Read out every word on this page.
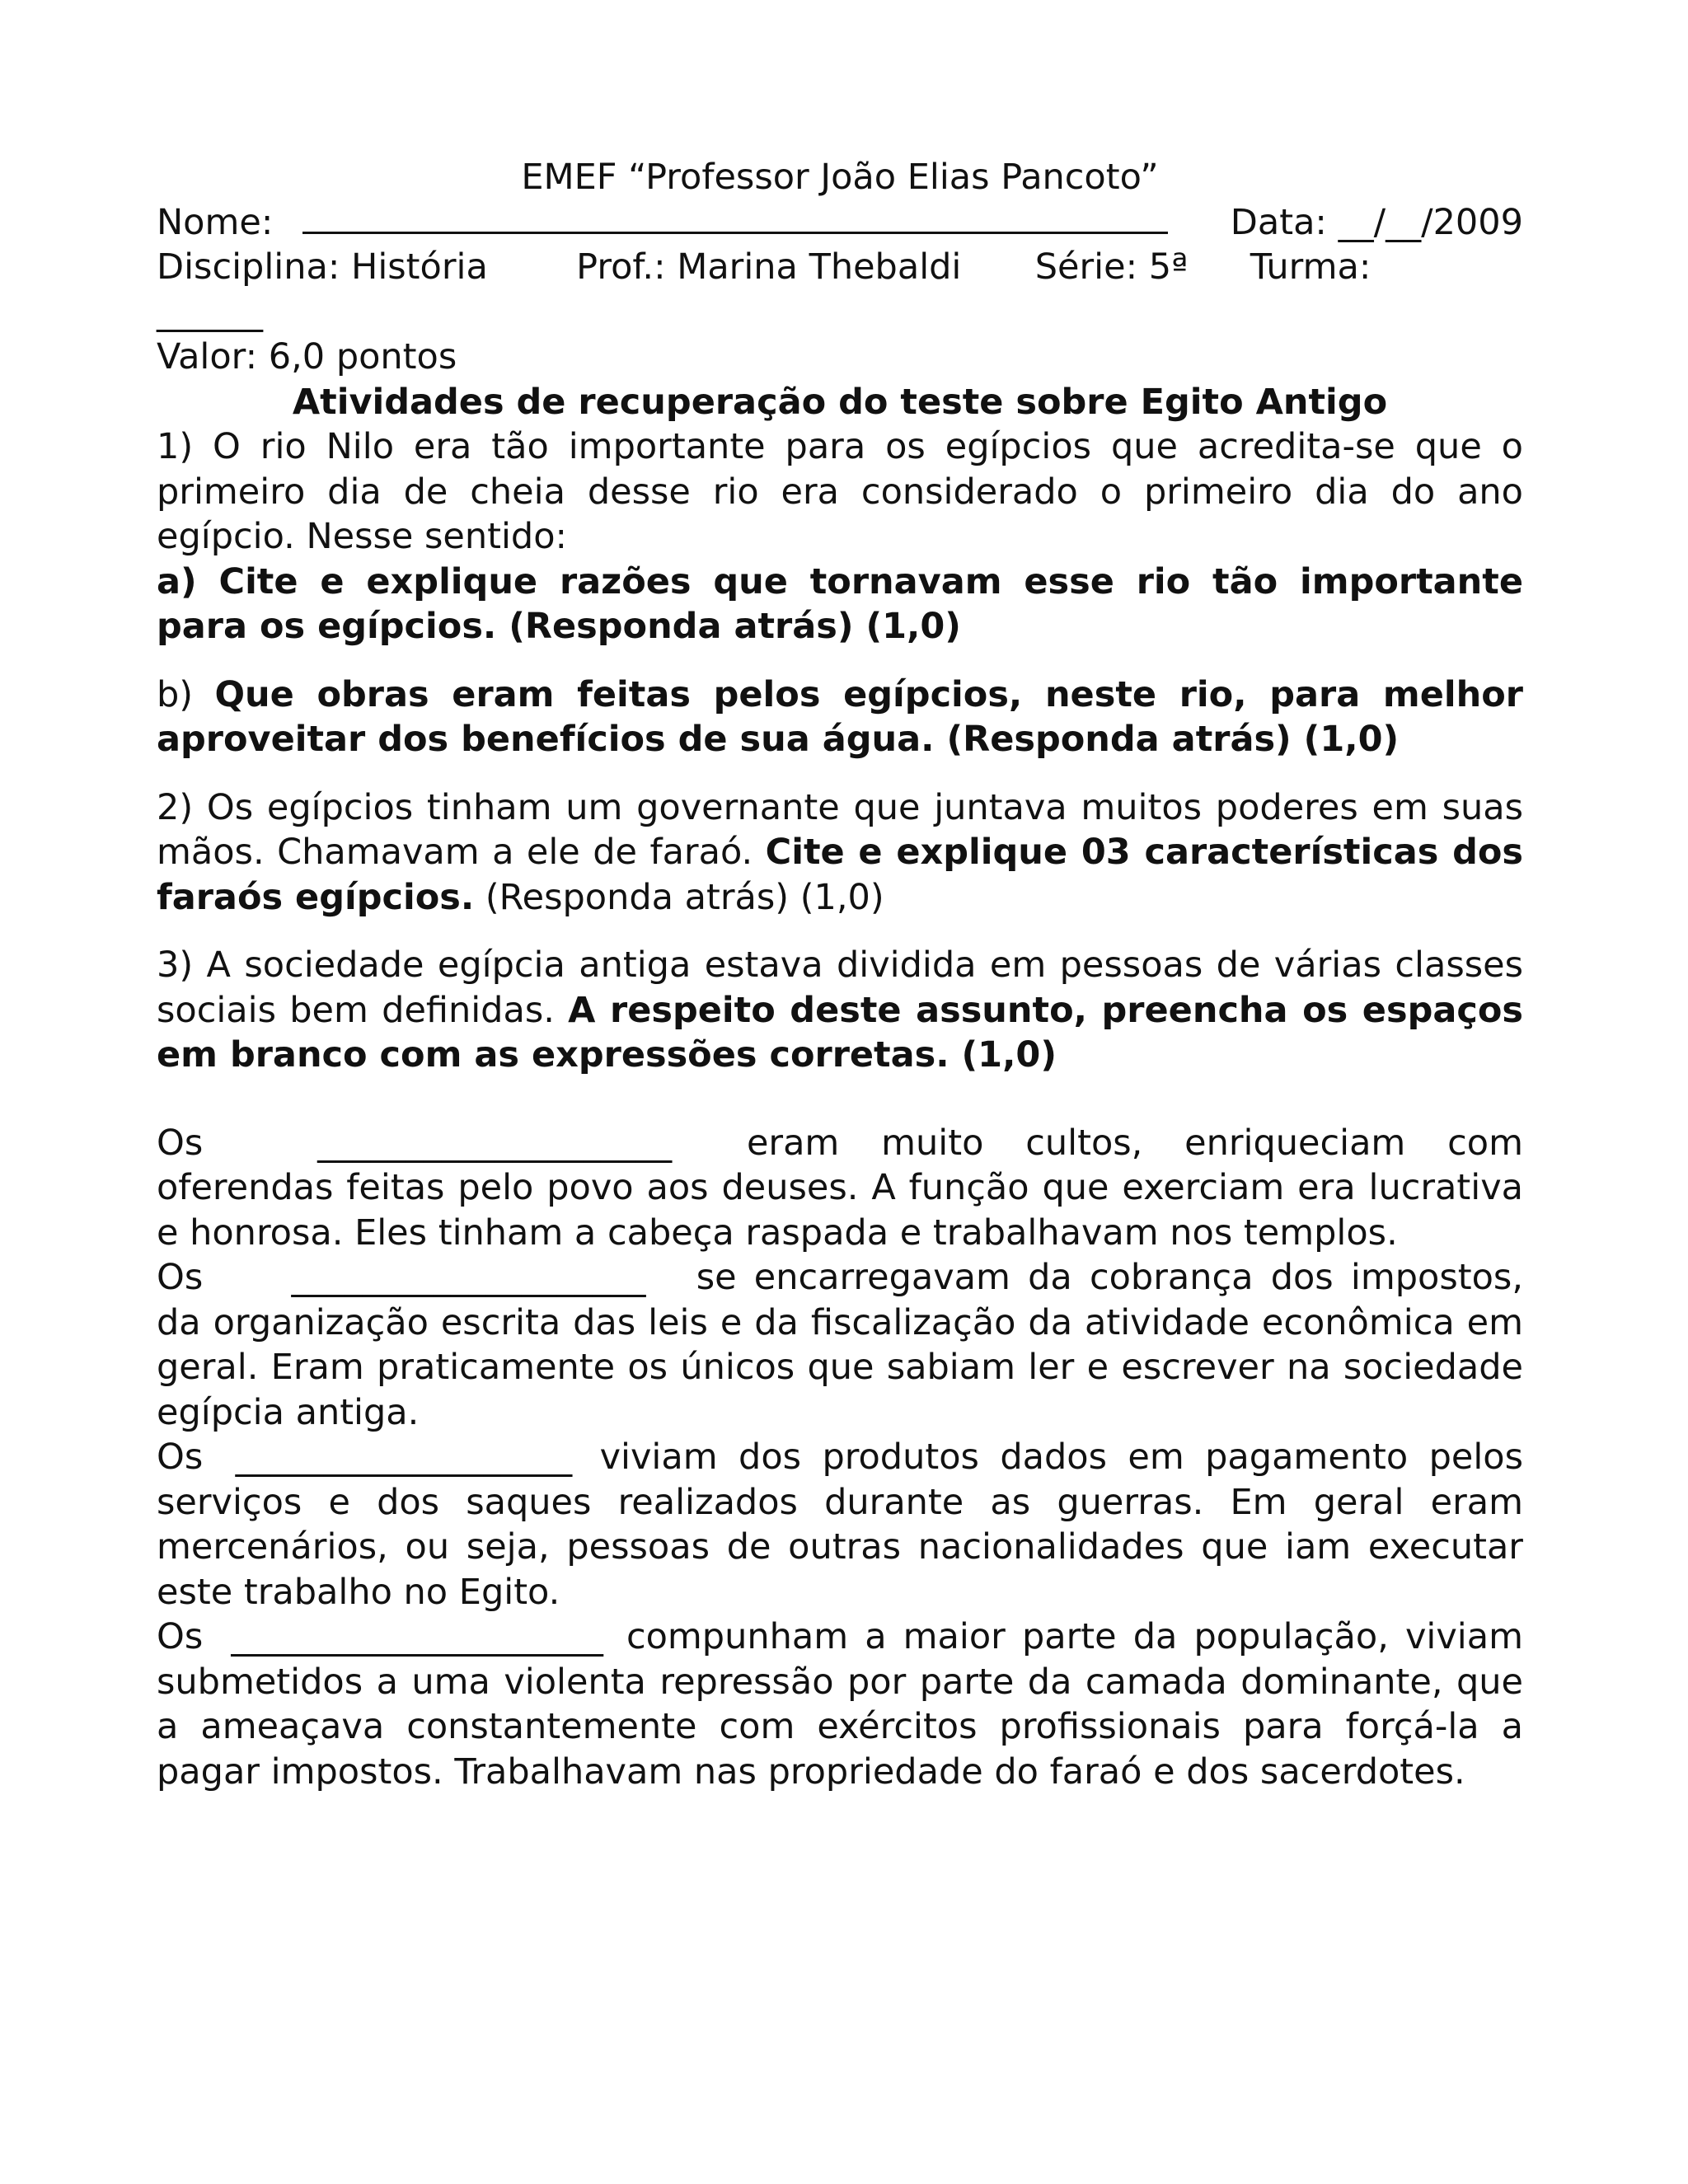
EMEF “Professor João Elias Pancoto”
Nome:	Data: __/__/2009
Disciplina: História Prof.: Marina Thebaldi Série: 5ª Turma:
______
Valor: 6,0 pontos
Atividades de recuperação do teste sobre Egito Antigo
1) O rio Nilo era tão importante para os egípcios que acredita-se que o primeiro dia de cheia desse rio era considerado o primeiro dia do ano egípcio. Nesse sentido:
a) Cite e explique razões que tornavam esse rio tão importante para os egípcios. (Responda atrás) (1,0)
b) Que obras eram feitas pelos egípcios, neste rio, para melhor aproveitar dos benefícios de sua água. (Responda atrás) (1,0)
2) Os egípcios tinham um governante que juntava muitos poderes em suas mãos. Chamavam a ele de faraó. Cite e explique 03 características dos faraós egípcios. (Responda atrás) (1,0)
3) A sociedade egípcia antiga estava dividida em pessoas de várias classes sociais bem definidas. A respeito deste assunto, preencha os espaços em branco com as expressões corretas. (1,0)
Os	____________________ eram muito cultos, enriqueciam com oferendas feitas pelo povo aos deuses. A função que exerciam era lucrativa e honrosa. Eles tinham a cabeça raspada e trabalhavam nos templos.
Os ____________________ se encarregavam da cobrança dos impostos, da organização escrita das leis e da fiscalização da atividade econômica em geral. Eram praticamente os únicos que sabiam ler e escrever na sociedade egípcia antiga.
Os ___________________ viviam dos produtos dados em pagamento pelos serviços e dos saques realizados durante as guerras. Em geral eram mercenários, ou seja, pessoas de outras nacionalidades que iam executar este trabalho no Egito.
Os _____________________ compunham a maior parte da população, viviam submetidos a uma violenta repressão por parte da camada dominante, que a ameaçava constantemente com exércitos profissionais para forçá-la a pagar impostos. Trabalhavam nas propriedade do faraó e dos sacerdotes.
